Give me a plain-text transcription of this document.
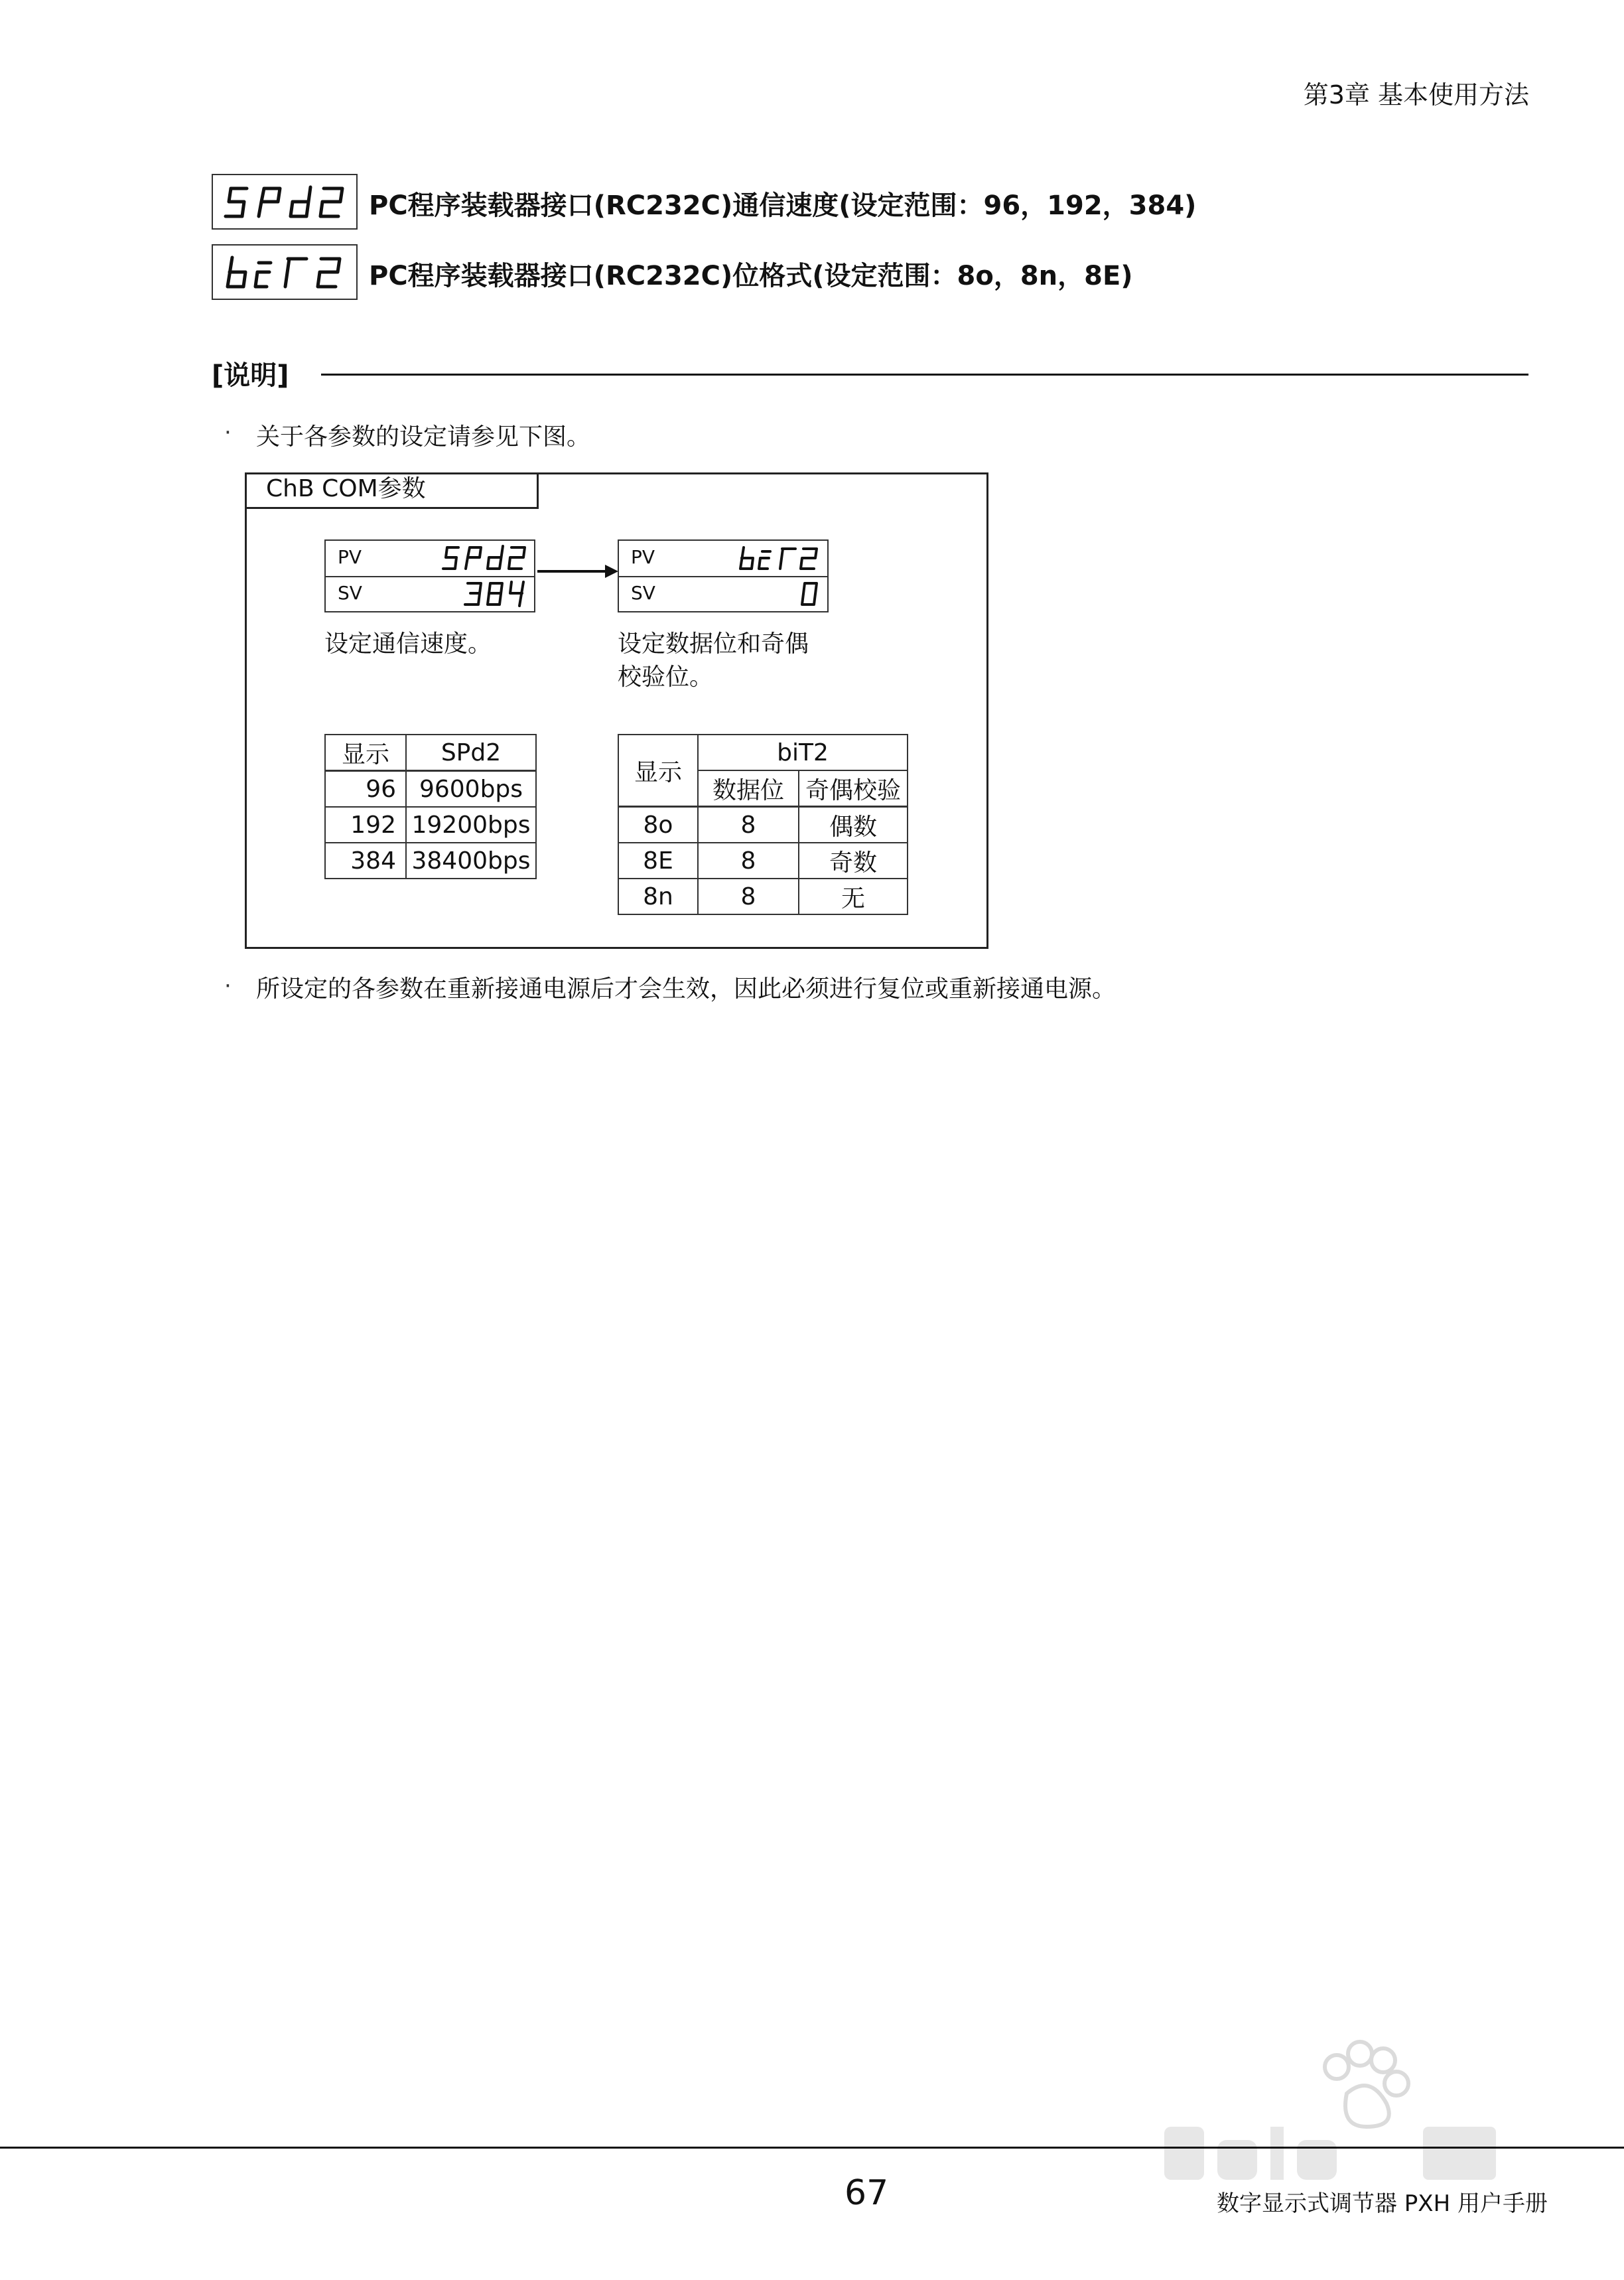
第3章 基本使用方法
PC程序装载器接口(RC232C)通信速度(设定范围：96，192，384)
PC程序装载器接口(RC232C)位格式(设定范围：8o，8n，8E)
[说明]
· 关于各参数的设定请参见下图。
ChB COM参数
PV
SV
PV
SV
设定通信速度。	设定数据位和奇偶
校验位。
显示	SPd2
96	9600bps
192	19200bps
384	38400bps
显示	biT2	
	数据位	奇偶校验
8o	8	偶数
8E	8	奇数
8n	8	无
· 所设定的各参数在重新接通电源后才会生效，因此必须进行复位或重新接通电源。
67	数字显示式调节器 PXH 用户手册
